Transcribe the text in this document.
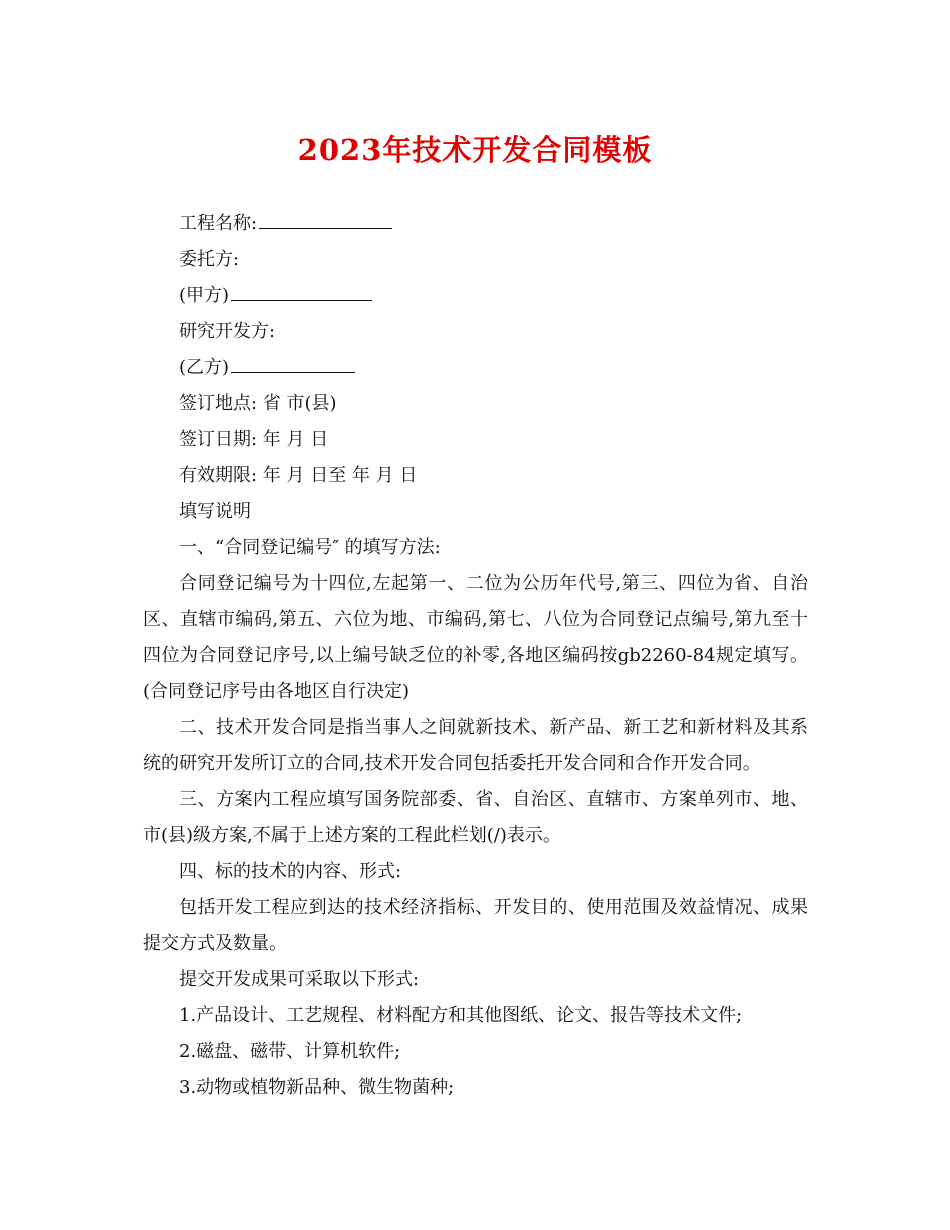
2023年技术开发合同模板

工程名称:

委托方:

(甲方)

研究开发方:

(乙方)

签订地点: 省 市(县)

签订日期: 年 月 日

有效期限: 年 月 日至 年 月 日

填写说明

一、“合同登记编号″ 的填写方法:

合同登记编号为十四位,左起第一、二位为公历年代号,第三、四位为省、自治区、直辖市编码,第五、六位为地、市编码,第七、八位为合同登记点编号,第九至十四位为合同登记序号,以上编号缺乏位的补零,各地区编码按gb2260-84规定填写。(合同登记序号由各地区自行决定)

二、技术开发合同是指当事人之间就新技术、新产品、新工艺和新材料及其系统的研究开发所订立的合同,技术开发合同包括委托开发合同和合作开发合同。

三、方案内工程应填写国务院部委、省、自治区、直辖市、方案单列市、地、市(县)级方案,不属于上述方案的工程此栏划(/)表示。

四、标的技术的内容、形式:

包括开发工程应到达的技术经济指标、开发目的、使用范围及效益情况、成果提交方式及数量。

提交开发成果可采取以下形式:

1.产品设计、工艺规程、材料配方和其他图纸、论文、报告等技术文件;

2.磁盘、磁带、计算机软件;

3.动物或植物新品种、微生物菌种;
